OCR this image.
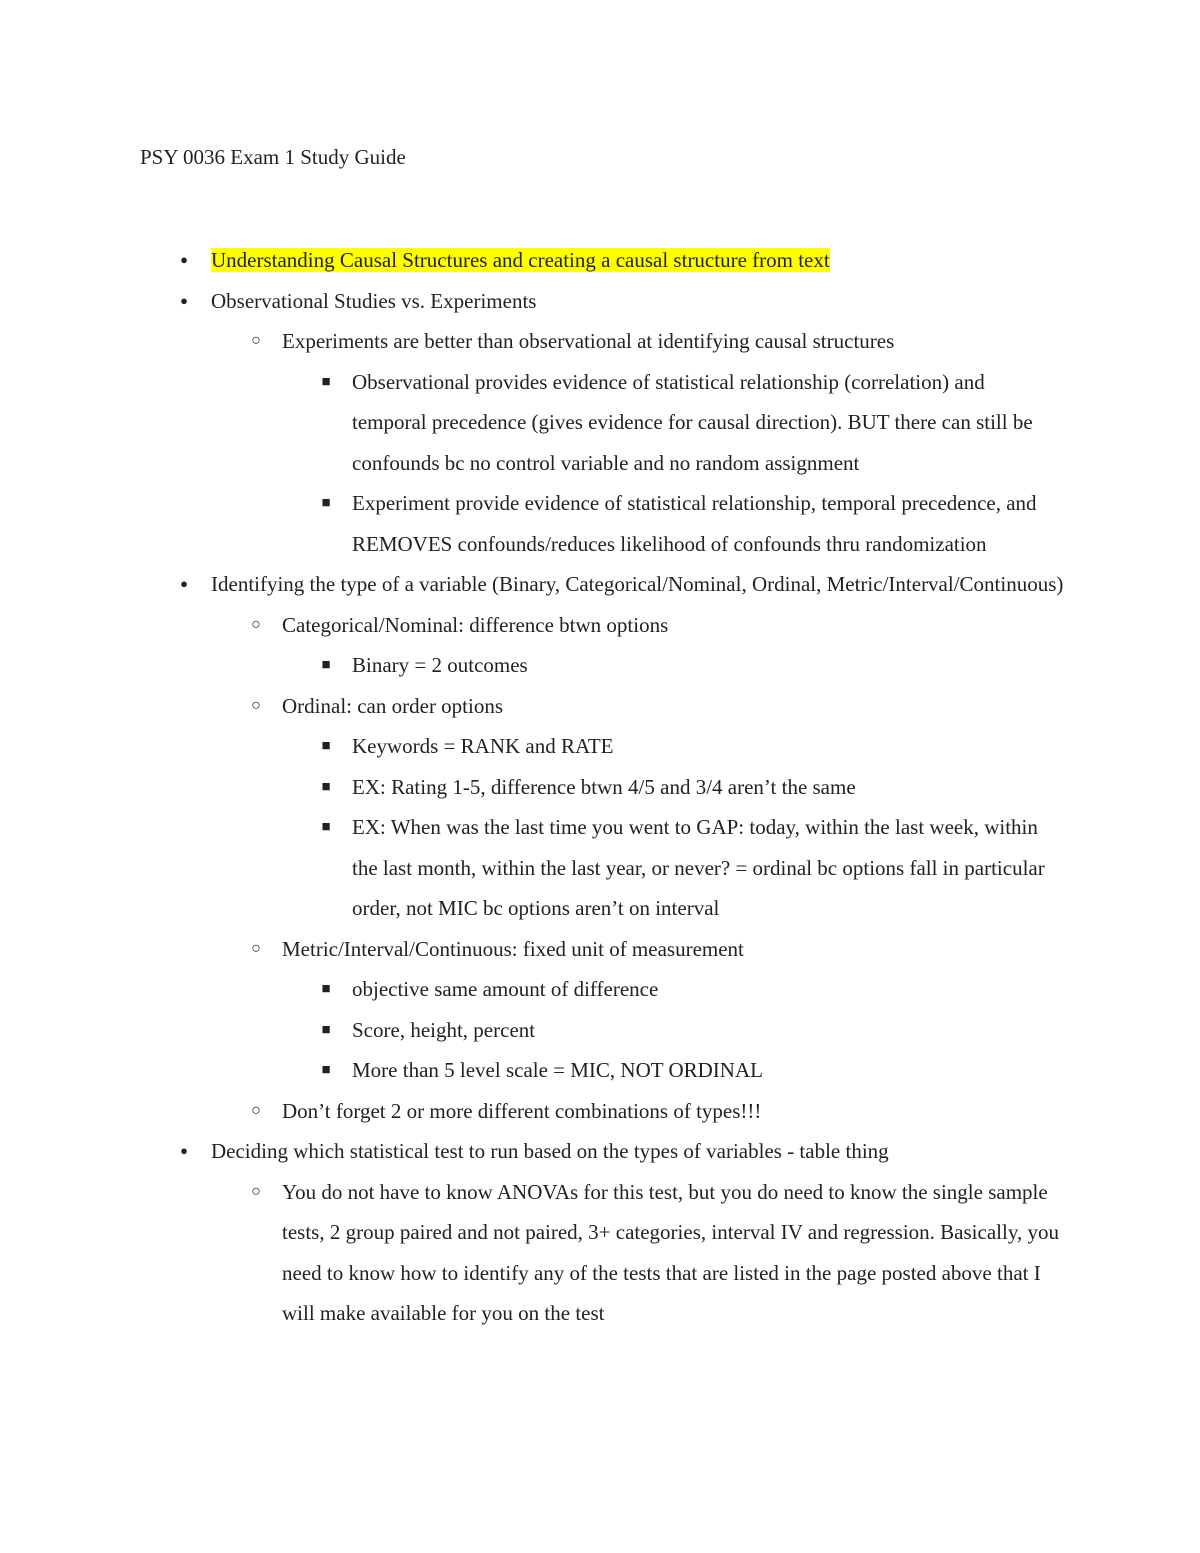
PSY 0036 Exam 1 Study Guide
● Understanding Causal Structures and creating a causal structure from text
● Observational Studies vs. Experiments
○ Experiments are better than observational at identifying causal structures
■ Observational provides evidence of statistical relationship (correlation) and temporal precedence (gives evidence for causal direction). BUT there can still be confounds bc no control variable and no random assignment
■ Experiment provide evidence of statistical relationship, temporal precedence, and REMOVES confounds/reduces likelihood of confounds thru randomization
● Identifying the type of a variable (Binary, Categorical/Nominal, Ordinal, Metric/Interval/Continuous)
○ Categorical/Nominal: difference btwn options
■ Binary = 2 outcomes
○ Ordinal: can order options
■ Keywords = RANK and RATE
■ EX: Rating 1-5, difference btwn 4/5 and 3/4 aren’t the same
■ EX: When was the last time you went to GAP: today, within the last week, within the last month, within the last year, or never? = ordinal bc options fall in particular order, not MIC bc options aren’t on interval
○ Metric/Interval/Continuous: fixed unit of measurement
■ objective same amount of difference
■ Score, height, percent
■ More than 5 level scale = MIC, NOT ORDINAL
○ Don’t forget 2 or more different combinations of types!!!
● Deciding which statistical test to run based on the types of variables - table thing
○ You do not have to know ANOVAs for this test, but you do need to know the single sample tests, 2 group paired and not paired, 3+ categories, interval IV and regression. Basically, you need to know how to identify any of the tests that are listed in the page posted above that I will make available for you on the test
